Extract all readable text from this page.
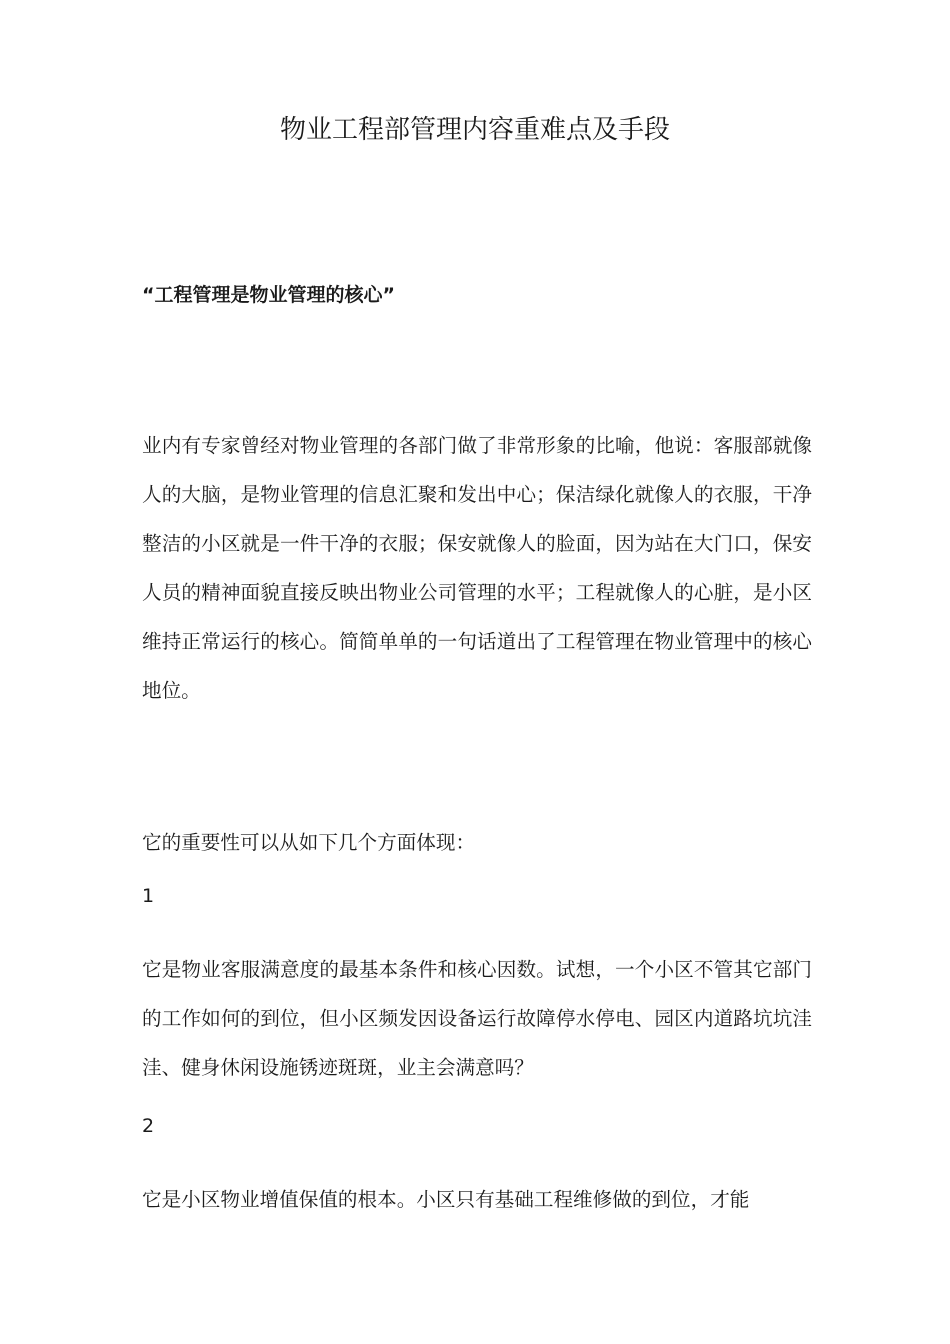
物业工程部管理内容重难点及手段

“工程管理是物业管理的核心”

业内有专家曾经对物业管理的各部门做了非常形象的比喻，他说：客服部就像人的大脑，是物业管理的信息汇聚和发出中心；保洁绿化就像人的衣服，干净整洁的小区就是一件干净的衣服；保安就像人的脸面，因为站在大门口，保安人员的精神面貌直接反映出物业公司管理的水平；工程就像人的心脏，是小区维持正常运行的核心。简简单单的一句话道出了工程管理在物业管理中的核心地位。

它的重要性可以从如下几个方面体现：

1

它是物业客服满意度的最基本条件和核心因数。试想，一个小区不管其它部门的工作如何的到位，但小区频发因设备运行故障停水停电、园区内道路坑坑洼洼、健身休闲设施锈迹斑斑，业主会满意吗？

2

它是小区物业增值保值的根本。小区只有基础工程维修做的到位，才能
